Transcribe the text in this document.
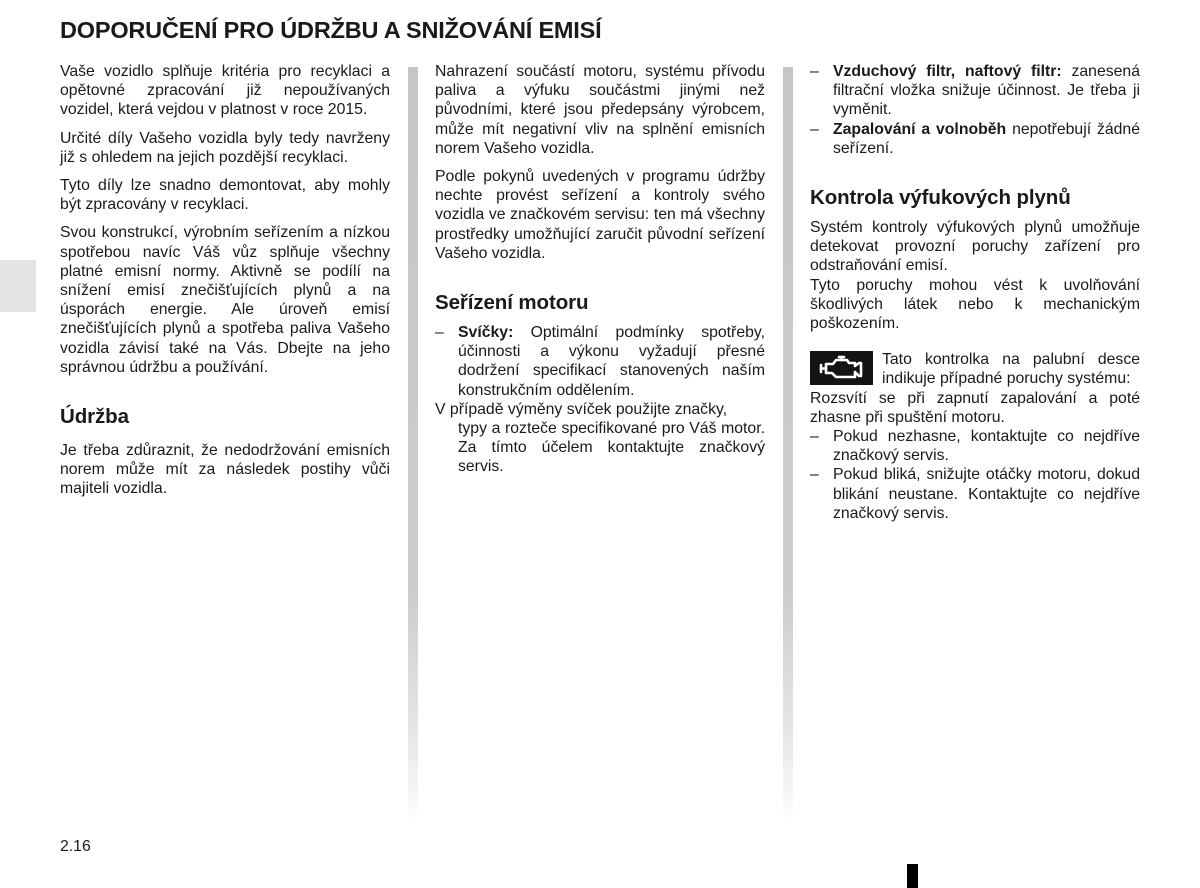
DOPORUČENÍ PRO ÚDRŽBU A SNIŽOVÁNÍ EMISÍ

Vaše vozidlo splňuje kritéria pro recyklaci a opětovné zpracování již nepoužívaných vozidel, která vejdou v platnost v roce 2015.

Určité díly Vašeho vozidla byly tedy navrženy již s ohledem na jejich pozdější recyklaci.

Tyto díly lze snadno demontovat, aby mohly být zpracovány v recyklaci.

Svou konstrukcí, výrobním seřízením a nízkou spotřebou navíc Váš vůz splňuje všechny platné emisní normy. Aktivně se podílí na snížení emisí znečišťujících plynů a na úsporách energie. Ale úroveň emisí znečišťujících plynů a spotřeba paliva Vašeho vozidla závisí také na Vás. Dbejte na jeho správnou údržbu a používání.

Údržba

Je třeba zdůraznit, že nedodržování emisních norem může mít za následek postihy vůči majiteli vozidla.

Nahrazení součástí motoru, systému přívodu paliva a výfuku součástmi jinými než původními, které jsou předepsány výrobcem, může mít negativní vliv na splnění emisních norem Vašeho vozidla.

Podle pokynů uvedených v programu údržby nechte provést seřízení a kontroly svého vozidla ve značkovém servisu: ten má všechny prostředky umožňující zaručit původní seřízení Vašeho vozidla.

Seřízení motoru
– Svíčky: Optimální podmínky spotřeby, účinnosti a výkonu vyžadují přesné dodržení specifikací stanovených naším konstrukčním oddělením.
V případě výměny svíček použijte značky,
typy a rozteče specifikované pro Váš motor. Za tímto účelem kontaktujte značkový servis.
– Vzduchový filtr, naftový filtr: zanesená filtrační vložka snižuje účinnost. Je třeba ji vyměnit.
– Zapalování a volnoběh nepotřebují žádné seřízení.
Kontrola výfukových plynů

Systém kontroly výfukových plynů umožňuje detekovat provozní poruchy zařízení pro odstraňování emisí.

Tyto poruchy mohou vést k uvolňování škodlivých látek nebo k mechanickým poškozením.

Tato kontrolka na palubní desce indikuje případné poruchy systému:

Rozsvítí se při zapnutí zapalování a poté zhasne při spuštění motoru.

– Pokud nezhasne, kontaktujte co nejdříve značkový servis.
– Pokud bliká, snižujte otáčky motoru, dokud blikání neustane. Kontaktujte co nejdříve značkový servis.
2.16
